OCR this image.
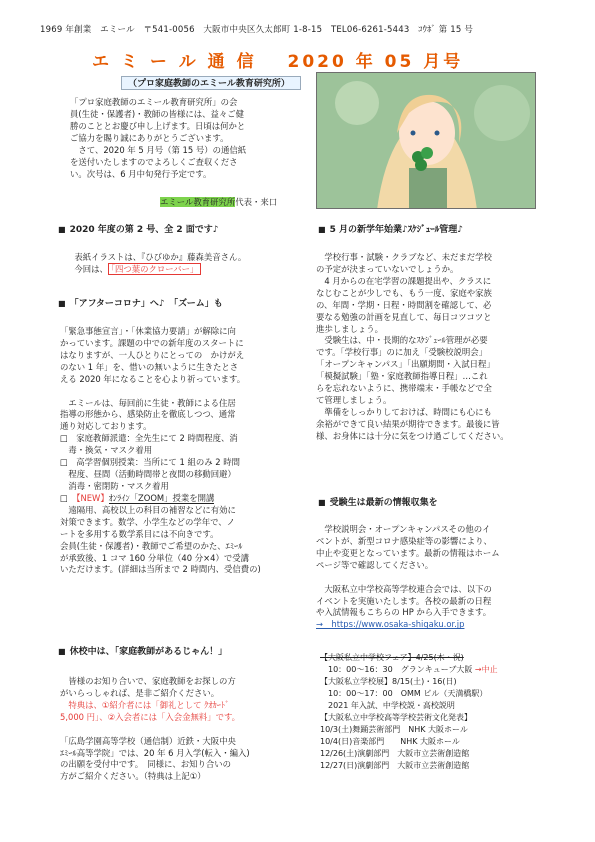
1969 年創業　エミール　〒541-0056　大阪市中央区久太郎町 1-8-15　TEL06-6261-5443　ｺｳﾎﾞ 第 15 号
エ ミ ー ル 通 信 2020 年 05 月号
（プロ家庭教師のエミール教育研究所）
「プロ家庭教師のエミール教育研究所」の会
員(生徒・保護者)・教師の皆様には、益々ご健
勝のこととお慶び申し上げます。日頃は何かと
ご協力を賜り誠にありがとうございます。
　さて、2020 年 5 月号（第 15 号）の通信紙
を送付いたしますのでよろしくご査収くださ
い。次号は、6 月中旬発行予定です。
エミール教育研究所代表・来口
■ 2020 年度の第 2 号、全 2 面です♪
　表紙イラストは、『ひびゆか』藤森美音さん。
　今回は、 「四つ葉のクローバー」
■ 「アフターコロナ」へ♪　「ズーム」も
「緊急事態宣言」・「休業協力要請」が解除に向
かっています。課題の中での新年度のスタートに
はなりますが、一人ひとりにとっての　かけがえ
のない 1 年」を、惜いの無いように生きたとさ
える 2020 年になることを心より祈っています。

　エミールは、毎回前に生徒・教師による住居
指導の形態から、感染防止を徹底しつつ、通常
通り対応しております。
□　家庭教師派遣：全先生にて 2 時間程度、消
　毒・換気・マスク着用
□　高学習個別授業：当所にて 1 組のみ 2 時間
　程度、昼間（活動時間帯と夜間の移動回避）
　消毒・密閉防・マスク着用
□　【NEW】ｵﾝﾗｲﾝ「ZOOM」授業を開講
　遠隔用、高校以上の科目の補習などに有効に
対策できます。数学、小学生などの学年で、ノ
ートを多用する数学系目には不向きです。
会員(生徒・保護者)・教師でご希望のかた、ｴﾐｰﾙ
が承致後、1 コマ 160 分単位（40 分×4）で受講
いただけます。(詳細は当所まで 2 時間内、受信費の)
■ 休校中は、「家庭教師があるじゃん！」
　皆様のお知り合いで、家庭教師をお探しの方
がいらっしゃれば、是非ご紹介ください。
　特典は、①紹介者には「御礼として ｸｵｶｰﾄﾞ
5,000 円」、②入会者には「入会金無料」です。

「広島学園高等学校（通信制）近鉄・大阪中央
ｴﾐｰﾙ高等学院」では、20 年 6 月入学(転入・編入)
の出願を受付中です。　同様に、お知り合いの
方がご紹介ください。（特典は上記①）
■ 5 月の新学年始業♪ｽｹｼﾞｭｰﾙ管理♪
　学校行事・試験・クラブなど、未だまだ学校
の予定が決まっていないでしょうか。
　4 月からの在宅学習の課題提出や、クラスに
なじむことが少しでも、もう一度、家庭や家族
の、年間・学期・日程・時間割を確認して、必
要なる勉強の計画を見直して、毎日コツコツと
進歩しましょう。
　受験生は、中・長期的なｽｹｼﾞｭｰﾙ管理が必要
です。「学校行事」のに加え「受験校説明会」
「オープンキャンパス」「出願期間・入試日程」
「模擬試験」「塾・家庭教師指導日程」…これ
らを忘れないように、携帯端末・手帳などで全
て管理しましょう。
　準備をしっかりしておけば、時間にも心にも
余裕ができて良い結果が期待できます。最後に皆
様、お身体には十分に気をつけ過ごしてください。
■ 受験生は最新の情報収集を
　学校説明会・オープンキャンパスその他のイ
ベントが、新型コロナ感染症等の影響により、
中止や変更となっています。最新の情報はホーム
ページ等で確認してください。

　大阪私立中学校高等学校連合会では、以下の
イベントを実施いたします。各校の最新の日程
や入試情報もこちらの HP から入手できます。
→　https://www.osaka-shigaku.or.jp
【大阪私立中学校フェア】4/25(木・祝)
　10：00～16：30　グランキューブ大阪 →中止
【大阪私立学校展】8/15(土)・16(日)
　10：00～17：00　OMM ビル（天満橋駅）
　2021 年入試、中学校説・高校説明
【大阪私立中学校高等学校芸術文化発表】
10/3(土)舞踊芸術部門　NHK 大阪ホール
10/4(日)音楽部門　　NHK 大阪ホール
12/26(土)演劇部門　大阪市立芸術創造館
12/27(日)演劇部門　大阪市立芸術創造館
